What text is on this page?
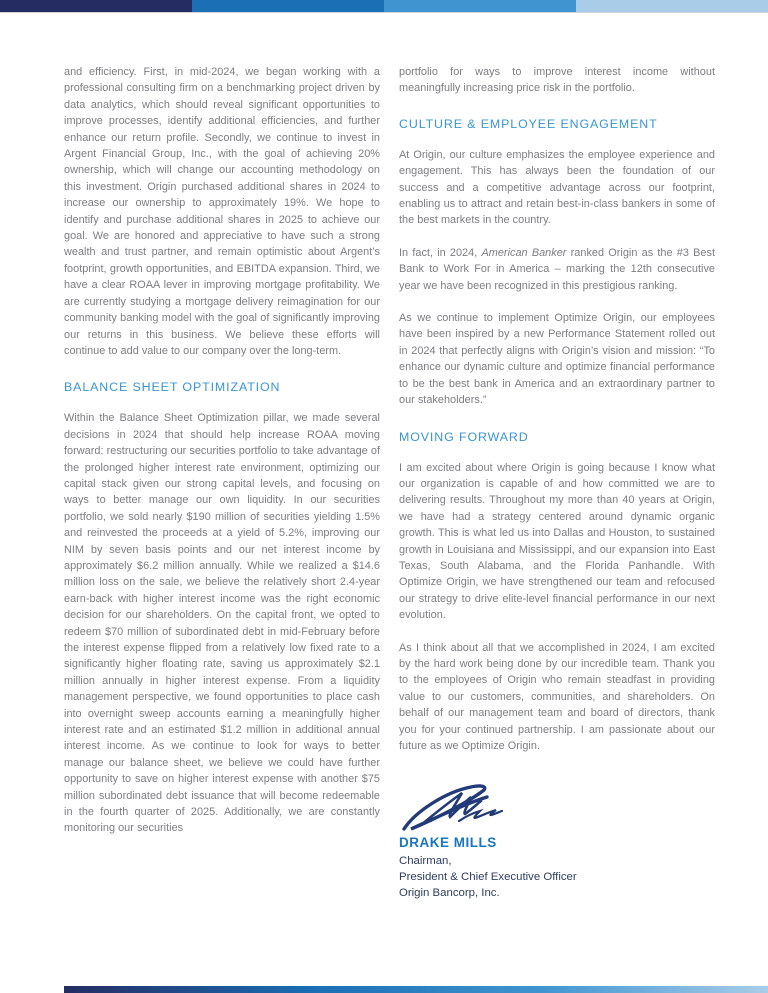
and efficiency. First, in mid-2024, we began working with a professional consulting firm on a benchmarking project driven by data analytics, which should reveal significant opportunities to improve processes, identify additional efficiencies, and further enhance our return profile. Secondly, we continue to invest in Argent Financial Group, Inc., with the goal of achieving 20% ownership, which will change our accounting methodology on this investment. Origin purchased additional shares in 2024 to increase our ownership to approximately 19%. We hope to identify and purchase additional shares in 2025 to achieve our goal. We are honored and appreciative to have such a strong wealth and trust partner, and remain optimistic about Argent’s footprint, growth opportunities, and EBITDA expansion. Third, we have a clear ROAA lever in improving mortgage profitability. We are currently studying a mortgage delivery reimagination for our community banking model with the goal of significantly improving our returns in this business. We believe these efforts will continue to add value to our company over the long-term.

BALANCE SHEET OPTIMIZATION

Within the Balance Sheet Optimization pillar, we made several decisions in 2024 that should help increase ROAA moving forward: restructuring our securities portfolio to take advantage of the prolonged higher interest rate environment, optimizing our capital stack given our strong capital levels, and focusing on ways to better manage our own liquidity. In our securities portfolio, we sold nearly $190 million of securities yielding 1.5% and reinvested the proceeds at a yield of 5.2%, improving our NIM by seven basis points and our net interest income by approximately $6.2 million annually. While we realized a $14.6 million loss on the sale, we believe the relatively short 2.4-year earn-back with higher interest income was the right economic decision for our shareholders. On the capital front, we opted to redeem $70 million of subordinated debt in mid-February before the interest expense flipped from a relatively low fixed rate to a significantly higher floating rate, saving us approximately $2.1 million annually in higher interest expense. From a liquidity management perspective, we found opportunities to place cash into overnight sweep accounts earning a meaningfully higher interest rate and an estimated $1.2 million in additional annual interest income. As we continue to look for ways to better manage our balance sheet, we believe we could have further opportunity to save on higher interest expense with another $75 million subordinated debt issuance that will become redeemable in the fourth quarter of 2025. Additionally, we are constantly monitoring our securities

portfolio for ways to improve interest income without meaningfully increasing price risk in the portfolio.

CULTURE & EMPLOYEE ENGAGEMENT

At Origin, our culture emphasizes the employee experience and engagement. This has always been the foundation of our success and a competitive advantage across our footprint, enabling us to attract and retain best-in-class bankers in some of the best markets in the country.

In fact, in 2024, American Banker ranked Origin as the #3 Best Bank to Work For in America – marking the 12th consecutive year we have been recognized in this prestigious ranking.

As we continue to implement Optimize Origin, our employees have been inspired by a new Performance Statement rolled out in 2024 that perfectly aligns with Origin’s vision and mission: “To enhance our dynamic culture and optimize financial performance to be the best bank in America and an extraordinary partner to our stakeholders.”

MOVING FORWARD

I am excited about where Origin is going because I know what our organization is capable of and how committed we are to delivering results. Throughout my more than 40 years at Origin, we have had a strategy centered around dynamic organic growth. This is what led us into Dallas and Houston, to sustained growth in Louisiana and Mississippi, and our expansion into East Texas, South Alabama, and the Florida Panhandle. With Optimize Origin, we have strengthened our team and refocused our strategy to drive elite-level financial performance in our next evolution.

As I think about all that we accomplished in 2024, I am excited by the hard work being done by our incredible team. Thank you to the employees of Origin who remain steadfast in providing value to our customers, communities, and shareholders. On behalf of our management team and board of directors, thank you for your continued partnership. I am passionate about our future as we Optimize Origin.

DRAKE MILLS
Chairman,
President & Chief Executive Officer
Origin Bancorp, Inc.
